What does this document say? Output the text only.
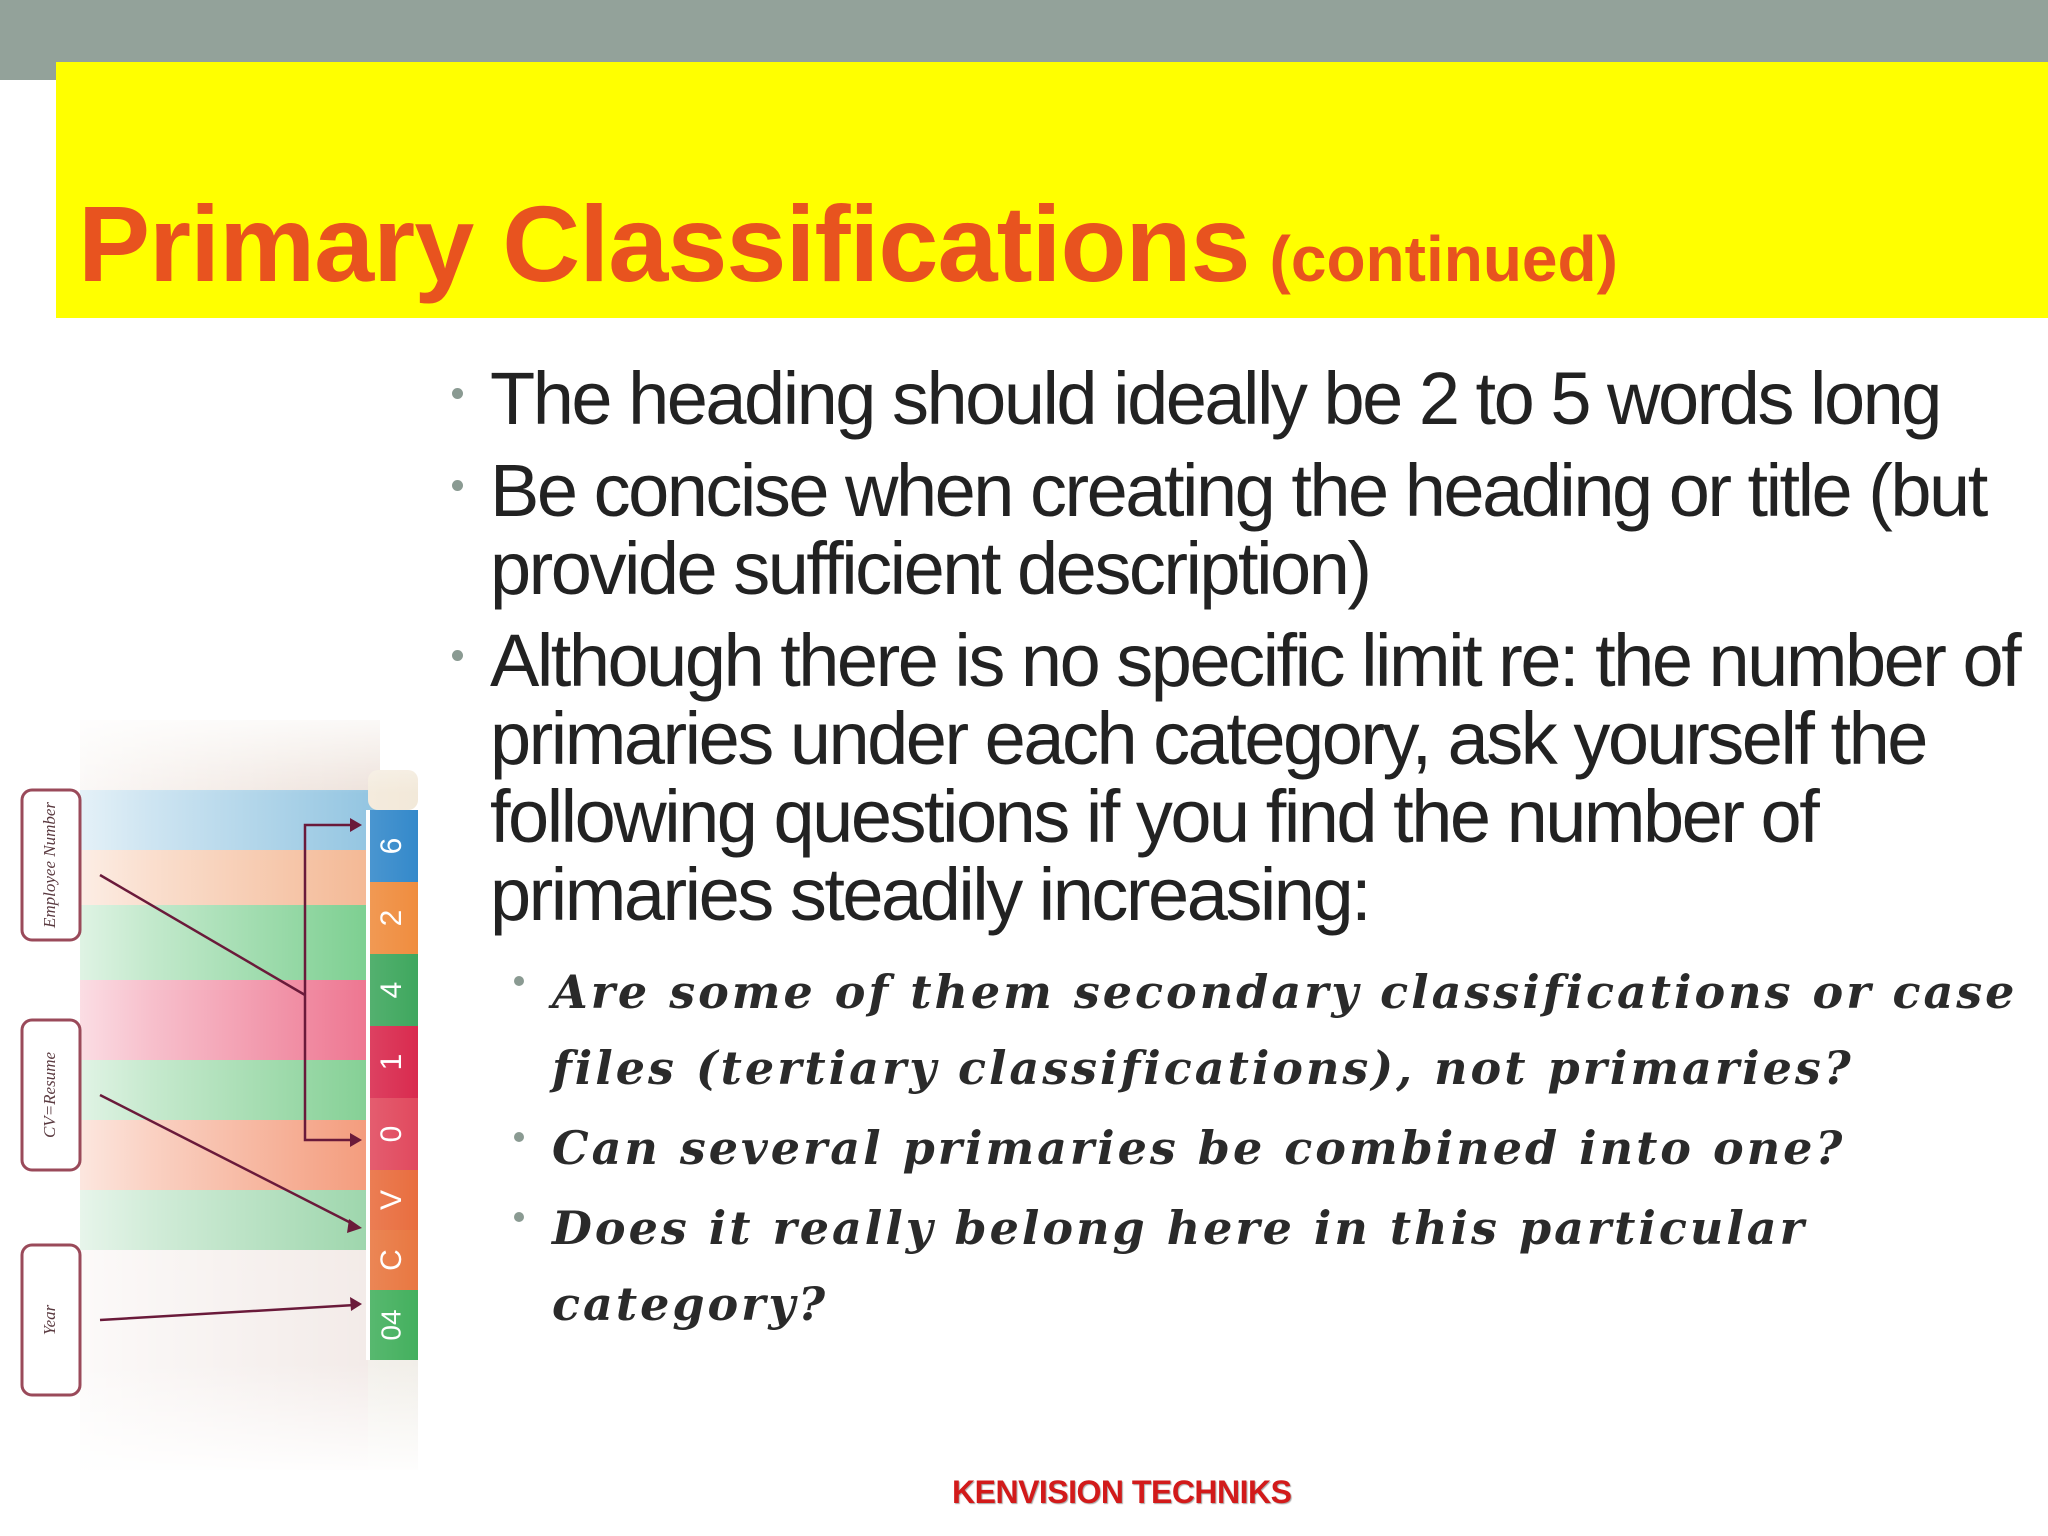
Primary Classifications (continued)
Employee Number
CV=Resume
Year
The heading should ideally be 2 to 5 words long
Be concise when creating the heading or title (but provide sufficient description)
Although there is no specific limit re: the number of primaries under each category, ask yourself the following questions if you find the number of primaries steadily increasing:
Are some of them secondary classifications or case files (tertiary classifications), not primaries?
Can several primaries be combined into one?
Does it really belong here in this particular category?
KENVISION TECHNIKS
